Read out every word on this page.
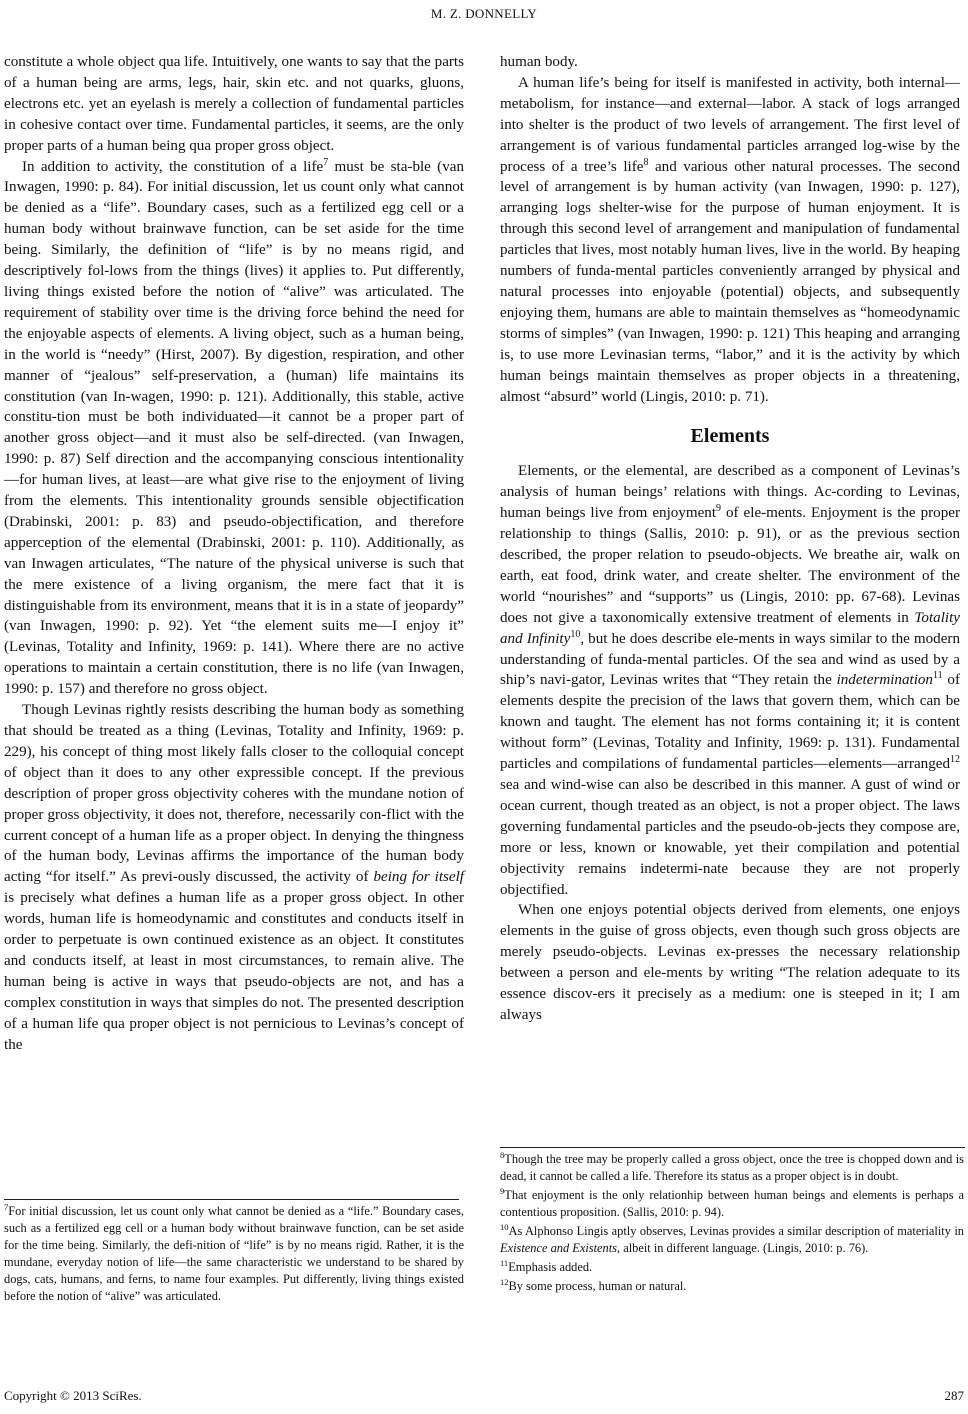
M. Z. DONNELLY

constitute a whole object qua life. Intuitively, one wants to say that the parts of a human being are arms, legs, hair, skin etc. and not quarks, gluons, electrons etc. yet an eyelash is merely a collection of fundamental particles in cohesive contact over time. Fundamental particles, it seems, are the only proper parts of a human being qua proper gross object.

In addition to activity, the constitution of a life$^7$ must be sta-ble (van Inwagen, 1990: p. 84). For initial discussion, let us count only what cannot be denied as a “life”. Boundary cases, such as a fertilized egg cell or a human body without brainwave function, can be set aside for the time being. Similarly, the definition of “life” is by no means rigid, and descriptively fol-lows from the things (lives) it applies to. Put differently, living things existed before the notion of “alive” was articulated. The requirement of stability over time is the driving force behind the need for the enjoyable aspects of elements. A living object, such as a human being, in the world is “needy” (Hirst, 2007). By digestion, respiration, and other manner of “jealous” self-preservation, a (human) life maintains its constitution (van In-wagen, 1990: p. 121). Additionally, this stable, active constitu-tion must be both individuated—it cannot be a proper part of another gross object—and it must also be self-directed. (van Inwagen, 1990: p. 87) Self direction and the accompanying conscious intentionality—for human lives, at least—are what give rise to the enjoyment of living from the elements. This intentionality grounds sensible objectification (Drabinski, 2001: p. 83) and pseudo-objectification, and therefore apperception of the elemental (Drabinski, 2001: p. 110). Additionally, as van Inwagen articulates, “The nature of the physical universe is such that the mere existence of a living organism, the mere fact that it is distinguishable from its environment, means that it is in a state of jeopardy” (van Inwagen, 1990: p. 92). Yet “the element suits me—I enjoy it” (Levinas, Totality and Infinity, 1969: p. 141). Where there are no active operations to maintain a certain constitution, there is no life (van Inwagen, 1990: p. 157) and therefore no gross object.

Though Levinas rightly resists describing the human body as something that should be treated as a thing (Levinas, Totality and Infinity, 1969: p. 229), his concept of thing most likely falls closer to the colloquial concept of object than it does to any other expressible concept. If the previous description of proper gross objectivity coheres with the mundane notion of proper gross objectivity, it does not, therefore, necessarily con-flict with the current concept of a human life as a proper object. In denying the thingness of the human body, Levinas affirms the importance of the human body acting “for itself.” As previ-ously discussed, the activity of being for itself is precisely what defines a human life as a proper gross object. In other words, human life is homeodynamic and constitutes and conducts itself in order to perpetuate is own continued existence as an object. It constitutes and conducts itself, at least in most circumstances, to remain alive. The human being is active in ways that pseudo-objects are not, and has a complex constitution in ways that simples do not. The presented description of a human life qua proper object is not pernicious to Levinas’s concept of the

$^7$For initial discussion, let us count only what cannot be denied as a “life.” Boundary cases, such as a fertilized egg cell or a human body without brainwave function, can be set aside for the time being. Similarly, the defi-nition of “life” is by no means rigid. Rather, it is the mundane, everyday notion of life—the same characteristic we understand to be shared by dogs, cats, humans, and ferns, to name four examples. Put differently, living things existed before the notion of “alive” was articulated.

human body.

A human life’s being for itself is manifested in activity, both internal—metabolism, for instance—and external—labor. A stack of logs arranged into shelter is the product of two levels of arrangement. The first level of arrangement is of various fundamental particles arranged log-wise by the process of a tree’s life$^8$ and various other natural processes. The second level of arrangement is by human activity (van Inwagen, 1990: p. 127), arranging logs shelter-wise for the purpose of human enjoyment. It is through this second level of arrangement and manipulation of fundamental particles that lives, most notably human lives, live in the world. By heaping numbers of funda-mental particles conveniently arranged by physical and natural processes into enjoyable (potential) objects, and subsequently enjoying them, humans are able to maintain themselves as “homeodynamic storms of simples” (van Inwagen, 1990: p. 121) This heaping and arranging is, to use more Levinasian terms, “labor,” and it is the activity by which human beings maintain themselves as proper objects in a threatening, almost “absurd” world (Lingis, 2010: p. 71).

Elements

Elements, or the elemental, are described as a component of Levinas’s analysis of human beings’ relations with things. Ac-cording to Levinas, human beings live from enjoyment$^9$ of ele-ments. Enjoyment is the proper relationship to things (Sallis, 2010: p. 91), or as the previous section described, the proper relation to pseudo-objects. We breathe air, walk on earth, eat food, drink water, and create shelter. The environment of the world “nourishes” and “supports” us (Lingis, 2010: pp. 67-68). Levinas does not give a taxonomically extensive treatment of elements in Totality and Infinity$^{10}$, but he does describe ele-ments in ways similar to the modern understanding of funda-mental particles. Of the sea and wind as used by a ship’s navi-gator, Levinas writes that “They retain the indetermination$^{11}$ of elements despite the precision of the laws that govern them, which can be known and taught. The element has not forms containing it; it is content without form” (Levinas, Totality and Infinity, 1969: p. 131). Fundamental particles and compilations of fundamental particles—elements—arranged$^{12}$ sea and wind-wise can also be described in this manner. A gust of wind or ocean current, though treated as an object, is not a proper object. The laws governing fundamental particles and the pseudo-ob-jects they compose are, more or less, known or knowable, yet their compilation and potential objectivity remains indetermi-nate because they are not properly objectified.

When one enjoys potential objects derived from elements, one enjoys elements in the guise of gross objects, even though such gross objects are merely pseudo-objects. Levinas ex-presses the necessary relationship between a person and ele-ments by writing “The relation adequate to its essence discov-ers it precisely as a medium: one is steeped in it; I am always

$^8$Though the tree may be properly called a gross object, once the tree is chopped down and is dead, it cannot be called a life. Therefore its status as a proper object is in doubt.

$^9$That enjoyment is the only relationhip between human beings and elements is perhaps a contentious proposition. (Sallis, 2010: p. 94).

$^{10}$As Alphonso Lingis aptly observes, Levinas provides a similar description of materiality in Existence and Existents, albeit in different language. (Lingis, 2010: p. 76).

$^{11}$Emphasis added.

$^{12}$By some process, human or natural.

Copyright © 2013 SciRes.	287
